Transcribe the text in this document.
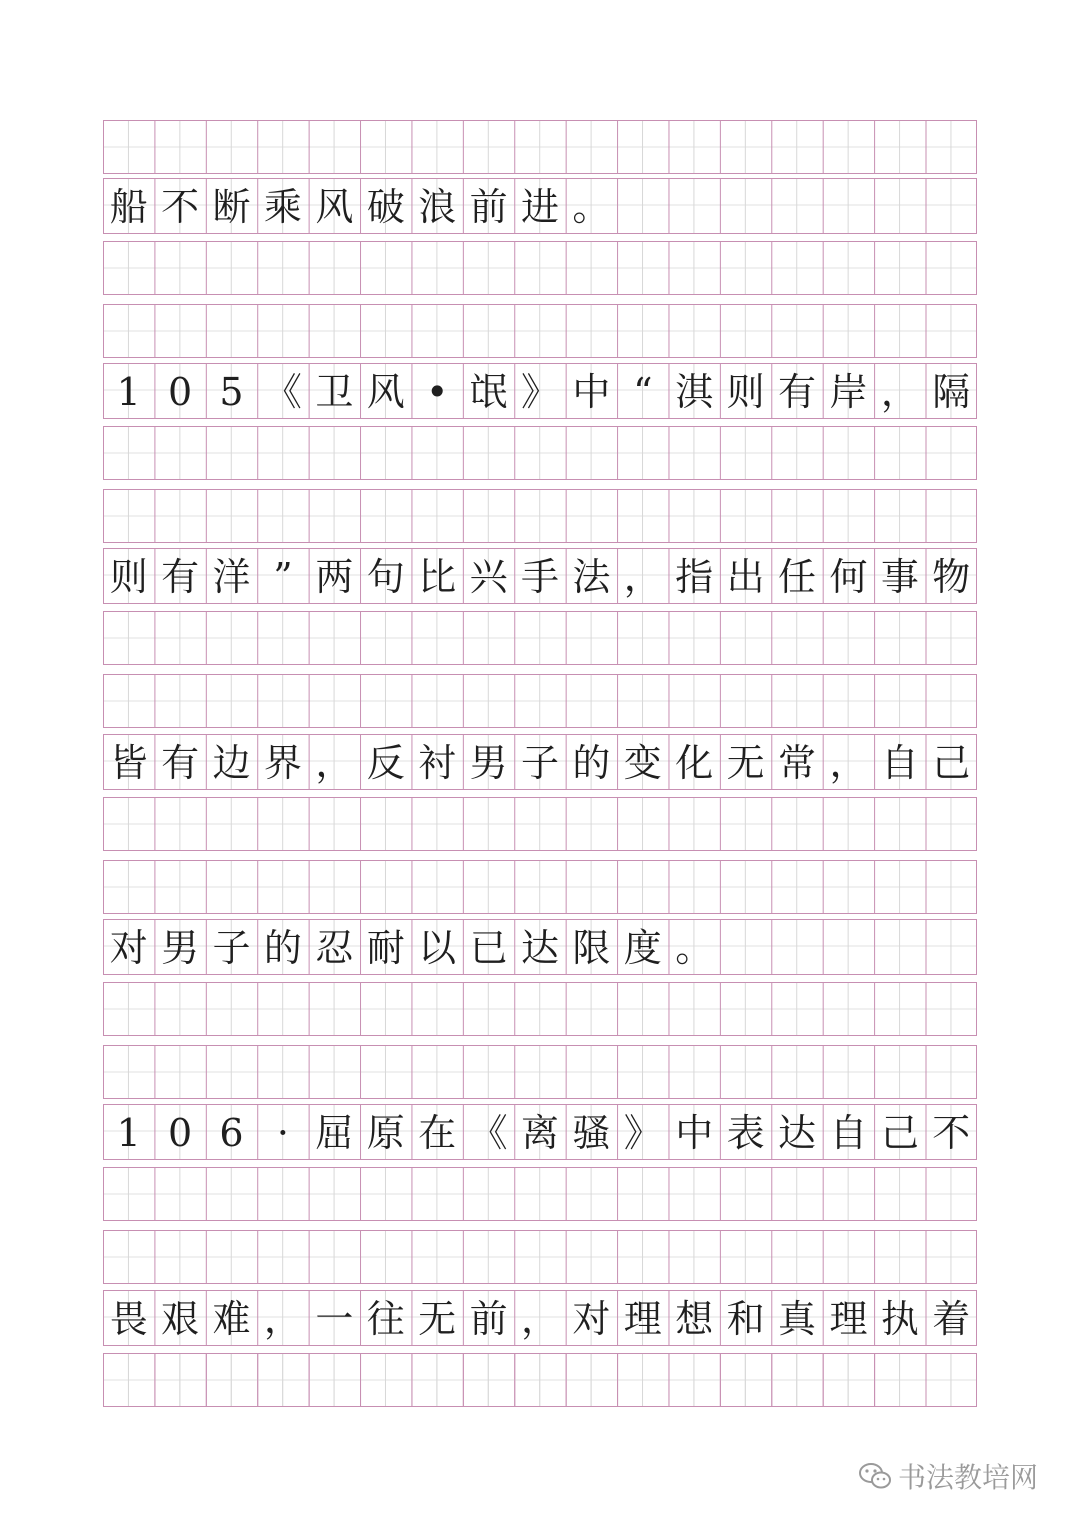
船 不 断 乘 风 破 浪 前 进 。
1 0 5 《 卫 风 • 氓 》 中 “ 淇 则 有 岸 ， 隔
则 有 洋 ” 两 句 比 兴 手 法 ， 指 出 任 何 事 物
皆 有 边 界 ， 反 衬 男 子 的 变 化 无 常 ， 自 己
对 男 子 的 忍 耐 以 已 达 限 度 。
1 0 6 · 屈 原 在 《 离 骚 》 中 表 达 自 己 不
畏 艰 难 ， 一 往 无 前 ， 对 理 想 和 真 理 执 着
书法教培网
